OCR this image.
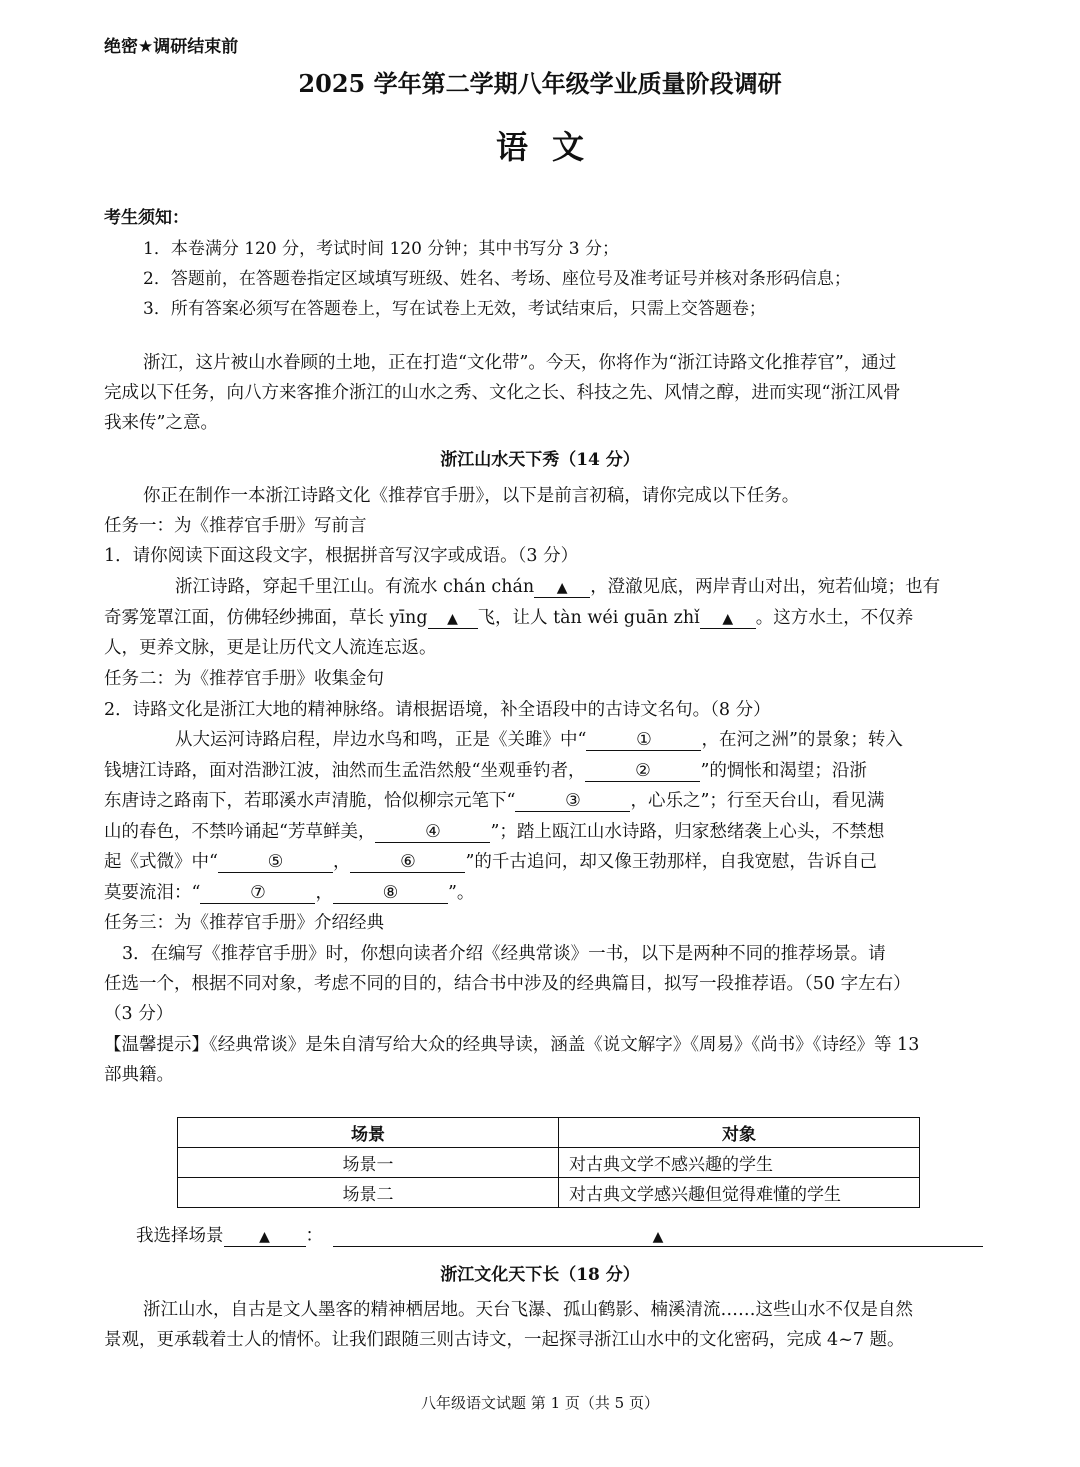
绝密★调研结束前
2025 学年第二学期八年级学业质量阶段调研
语文
考生须知：
1．本卷满分 120 分，考试时间 120 分钟；其中书写分 3 分；
2．答题前，在答题卷指定区域填写班级、姓名、考场、座位号及准考证号并核对条形码信息；
3．所有答案必须写在答题卷上，写在试卷上无效，考试结束后，只需上交答题卷；
浙江，这片被山水眷顾的土地，正在打造“文化带”。今天，你将作为“浙江诗路文化推荐官”，通过
完成以下任务，向八方来客推介浙江的山水之秀、文化之长、科技之先、风情之醇，进而实现“浙江风骨
我来传”之意。
浙江山水天下秀（14 分）
你正在制作一本浙江诗路文化《推荐官手册》，以下是前言初稿，请你完成以下任务。
任务一：为《推荐官手册》写前言
1．请你阅读下面这段文字，根据拼音写汉字或成语。（3 分）
浙江诗路，穿起千里江山。有流水 chán chán ▲ ，澄澈见底，两岸青山对出，宛若仙境；也有
奇雾笼罩江面，仿佛轻纱拂面，草长 yīng ▲ 飞，让人 tàn wéi guān zhǐ ▲ 。这方水土，不仅养
人，更养文脉，更是让历代文人流连忘返。
任务二：为《推荐官手册》收集金句
2．诗路文化是浙江大地的精神脉络。请根据语境，补全语段中的古诗文名句。（8 分）
从大运河诗路启程，岸边水鸟和鸣，正是《关雎》中“	①	，在河之洲”的景象；转入
钱塘江诗路，面对浩渺江波，油然而生孟浩然般“坐观垂钓者，	②	”的惆怅和渴望；沿浙
东唐诗之路南下，若耶溪水声清脆，恰似柳宗元笔下“	③	，心乐之”；行至天台山，看见满
山的春色，不禁吟诵起“芳草鲜美，	④	”；踏上瓯江山水诗路，归家愁绪袭上心头，不禁想
起《式微》中“	⑤	，	⑥	”的千古追问，却又像王勃那样，自我宽慰，告诉自己
莫要流泪：“	⑦	，	⑧	”。
任务三：为《推荐官手册》介绍经典
3．在编写《推荐官手册》时，你想向读者介绍《经典常谈》一书，以下是两种不同的推荐场景。请
任选一个，根据不同对象，考虑不同的目的，结合书中涉及的经典篇目，拟写一段推荐语。（50 字左右）
（3 分）
【温馨提示】《经典常谈》是朱自清写给大众的经典导读，涵盖《说文解字》《周易》《尚书》《诗经》等 13
部典籍。
场景	对象
场景一	对古典文学不感兴趣的学生
场景二	对古典文学感兴趣但觉得难懂的学生
我选择场景	▲ ：	▲
浙江文化天下长（18 分）
浙江山水，自古是文人墨客的精神栖居地。天台飞瀑、孤山鹤影、楠溪清流……这些山水不仅是自然
景观，更承载着士人的情怀。让我们跟随三则古诗文，一起探寻浙江山水中的文化密码，完成 4~7 题。
八年级语文试题 第 1 页（共 5 页）
